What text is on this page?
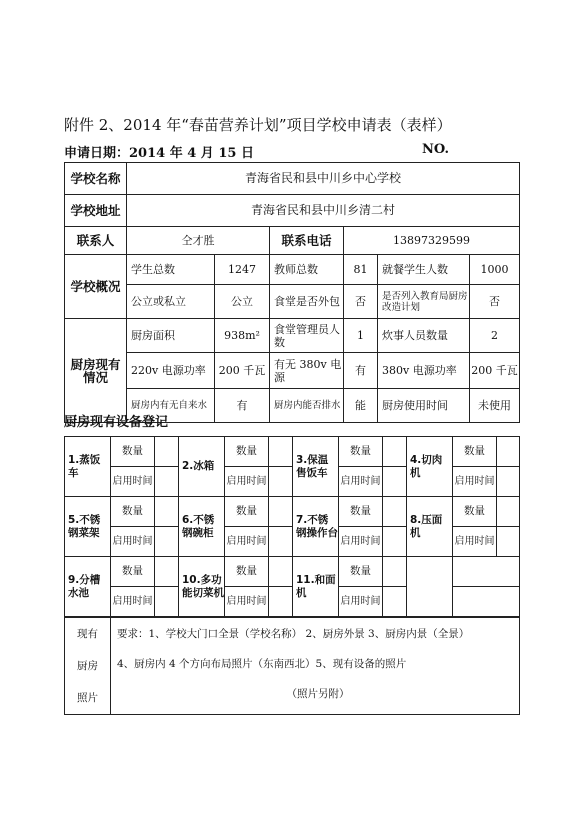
附件 2、2014 年“春苗营养计划”项目学校申请表（表样）
申请日期：2014 年 4 月 15 日	NO.
学校名称	青海省民和县中川乡中心学校					
学校地址	青海省民和县中川乡清二村					
联系人	仝才胜		联系电话	13897329599		
学校概况	学生总数	1247	教师总数	81	就餐学生人数	1000
	公立或私立	公立	食堂是否外包	否	是否列入教育局厨房改造计划	否
厨房现有情况	厨房面积	938m²	食堂管理员人数	1	炊事人员数量	2
	220v 电源功率	200 千瓦	有无 380v 电源	有	380v 电源功率	200 千瓦
	厨房内有无自来水	有	厨房内能否排水	能	厨房使用时间	未使用
厨房现有设备登记
1.蒸饭车	数量		2.冰箱	数量		3.保温售饭车	数量		4.切肉机	数量	
	启用时间			启用时间			启用时间			启用时间	
5.不锈钢菜架	数量		6.不锈钢碗柜	数量		7.不锈钢操作台	数量		8.压面机	数量	
	启用时间			启用时间			启用时间			启用时间	
9.分槽水池	数量		10.多功能切菜机	数量		11.和面机	数量				
	启用时间			启用时间			启用时间				
现有
厨房
照片

要求：1、学校大门口全景（学校名称） 2、厨房外景 3、厨房内景（全景）
4、厨房内 4 个方向布局照片（东南西北）5、现有设备的照片
（照片另附）
